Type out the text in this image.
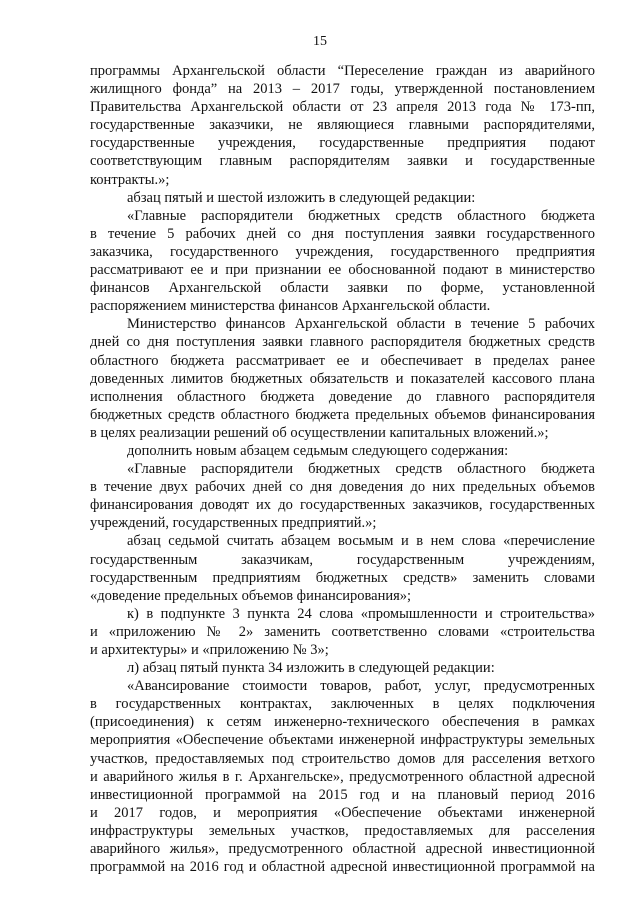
15
программы Архангельской области “Переселение граждан из аварийного
жилищного фонда” на 2013 – 2017 годы, утвержденной постановлением
Правительства Архангельской области от 23 апреля 2013 года № 173-пп,
государственные заказчики, не являющиеся главными распорядителями,
государственные учреждения, государственные предприятия подают
соответствующим главным распорядителям заявки и государственные
контракты.»;
абзац пятый и шестой изложить в следующей редакции:
«Главные распорядители бюджетных средств областного бюджета
в течение 5 рабочих дней со дня поступления заявки государственного
заказчика, государственного учреждения, государственного предприятия
рассматривают ее и при признании ее обоснованной подают в министерство
финансов Архангельской области заявки по форме, установленной
распоряжением министерства финансов Архангельской области.
Министерство финансов Архангельской области в течение 5 рабочих
дней со дня поступления заявки главного распорядителя бюджетных средств
областного бюджета рассматривает ее и обеспечивает в пределах ранее
доведенных лимитов бюджетных обязательств и показателей кассового плана
исполнения областного бюджета доведение до главного распорядителя
бюджетных средств областного бюджета предельных объемов финансирования
в целях реализации решений об осуществлении капитальных вложений.»;
дополнить новым абзацем седьмым следующего содержания:
«Главные распорядители бюджетных средств областного бюджета
в течение двух рабочих дней со дня доведения до них предельных объемов
финансирования доводят их до государственных заказчиков, государственных
учреждений, государственных предприятий.»;
абзац седьмой считать абзацем восьмым и в нем слова «перечисление
государственным заказчикам, государственным учреждениям,
государственным предприятиям бюджетных средств» заменить словами
«доведение предельных объемов финансирования»;
к) в подпункте 3 пункта 24 слова «промышленности и строительства»
и «приложению № 2» заменить соответственно словами «строительства
и архитектуры» и «приложению № 3»;
л) абзац пятый пункта 34 изложить в следующей редакции:
«Авансирование стоимости товаров, работ, услуг, предусмотренных
в государственных контрактах, заключенных в целях подключения
(присоединения) к сетям инженерно-технического обеспечения в рамках
мероприятия «Обеспечение объектами инженерной инфраструктуры земельных
участков, предоставляемых под строительство домов для расселения ветхого
и аварийного жилья в г. Архангельске», предусмотренного областной адресной
инвестиционной программой на 2015 год и на плановый период 2016
и 2017 годов, и мероприятия «Обеспечение объектами инженерной
инфраструктуры земельных участков, предоставляемых для расселения
аварийного жилья», предусмотренного областной адресной инвестиционной
программой на 2016 год и областной адресной инвестиционной программой на
